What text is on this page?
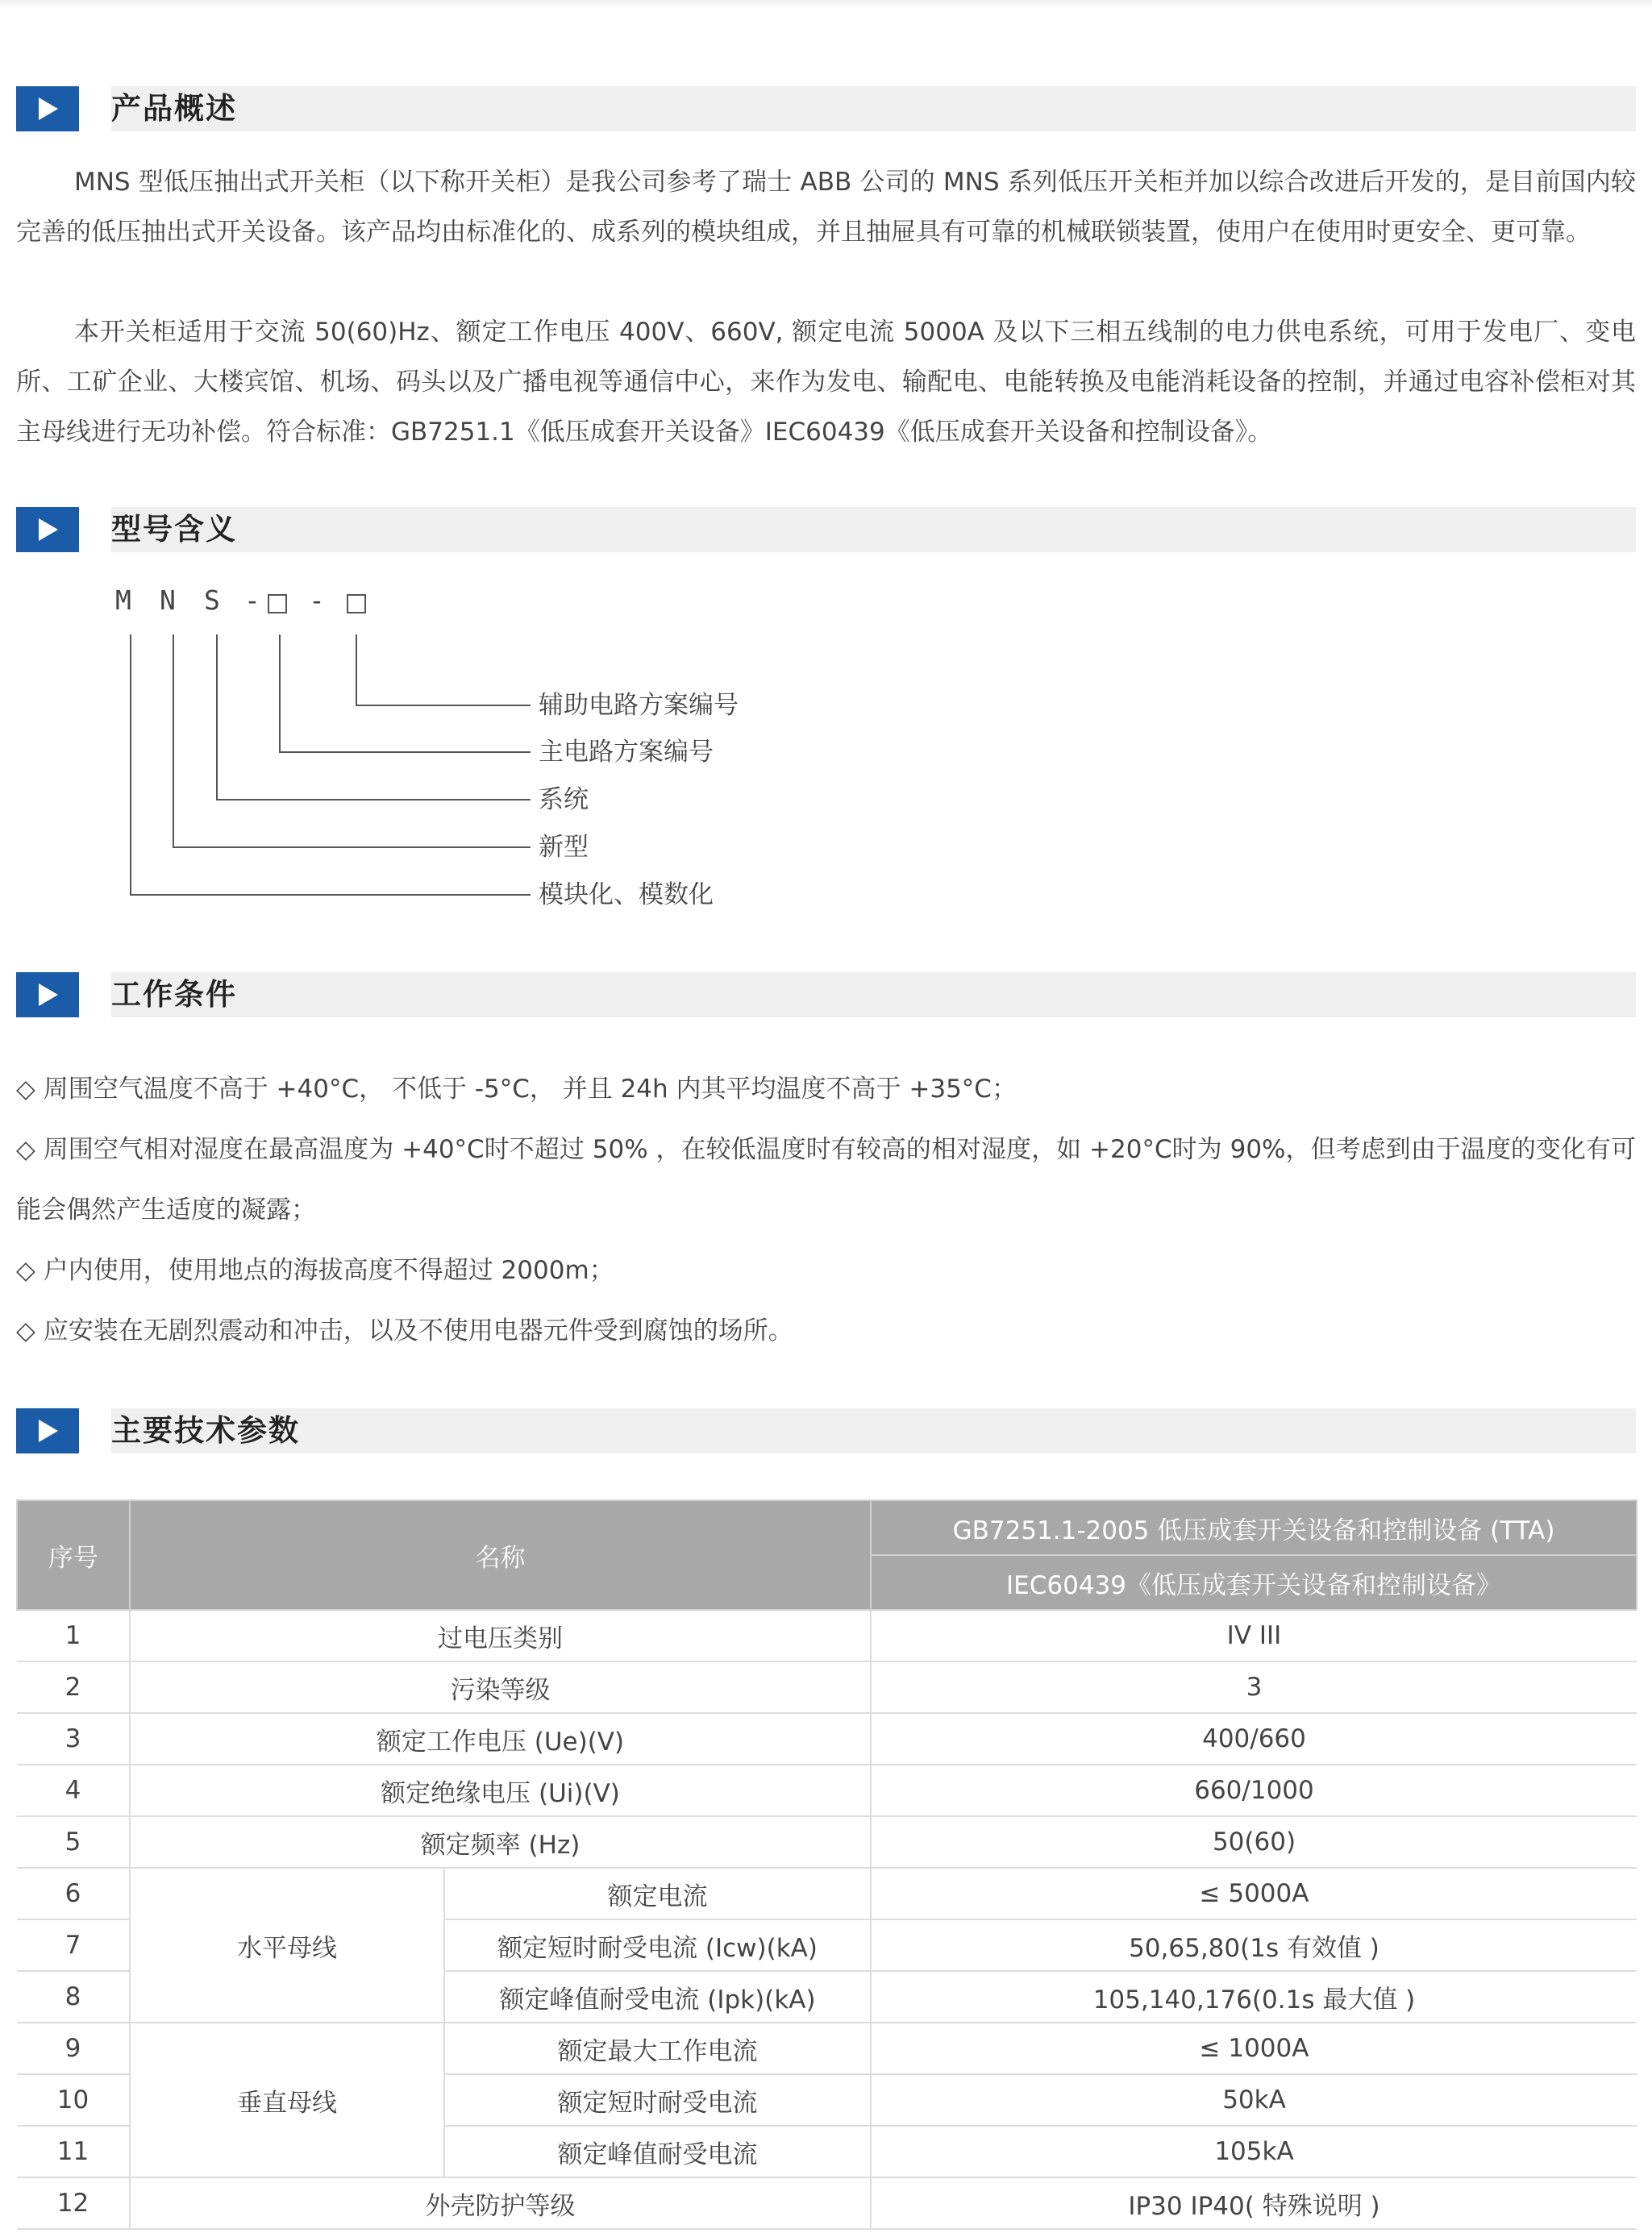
产品概述

MNS 型低压抽出式开关柜（以下称开关柜）是我公司参考了瑞士 ABB 公司的 MNS 系列低压开关柜并加以综合改进后开发的，是目前国内较完善的低压抽出式开关设备。该产品均由标准化的、成系列的模块组成，并且抽屉具有可靠的机械联锁装置，使用户在使用时更安全、更可靠。

本开关柜适用于交流 50(60)Hz、额定工作电压 400V、660V, 额定电流 5000A 及以下三相五线制的电力供电系统，可用于发电厂、变电所、工矿企业、大楼宾馆、机场、码头以及广播电视等通信中心，来作为发电、输配电、电能转换及电能消耗设备的控制，并通过电容补偿柜对其主母线进行无功补偿。符合标准：GB7251.1《低压成套开关设备》IEC60439《低压成套开关设备和控制设备》。

型号含义
M N S - -
辅助电路方案编号
主电路方案编号
系统
新型
模块化、模数化
工作条件

◇ 周围空气温度不高于 +40°C， 不低于 -5°C， 并且 24h 内其平均温度不高于 +35°C；

◇ 周围空气相对湿度在最高温度为 +40°C时不超过 50% ，在较低温度时有较高的相对湿度，如 +20°C时为 90%，但考虑到由于温度的变化有可能会偶然产生适度的凝露；

◇ 户内使用，使用地点的海拔高度不得超过 2000m；

◇ 应安装在无剧烈震动和冲击，以及不使用电器元件受到腐蚀的场所。

主要技术参数
序号	名称		GB7251.1-2005 低压成套开关设备和控制设备 (TTA)
			IEC60439《低压成套开关设备和控制设备》
1	过电压类别		IV III
2	污染等级		3
3	额定工作电压 (Ue)(V)		400/660
4	额定绝缘电压 (Ui)(V)		660/1000
5	额定频率 (Hz)		50(60)
6	水平母线	额定电流	≤ 5000A
7		额定短时耐受电流 (Icw)(kA)	50,65,80(1s 有效值 )
8		额定峰值耐受电流 (Ipk)(kA)	105,140,176(0.1s 最大值 )
9	垂直母线	额定最大工作电流	≤ 1000A
10		额定短时耐受电流	50kA
11		额定峰值耐受电流	105kA
12	外壳防护等级		IP30 IP40( 特殊说明 )
